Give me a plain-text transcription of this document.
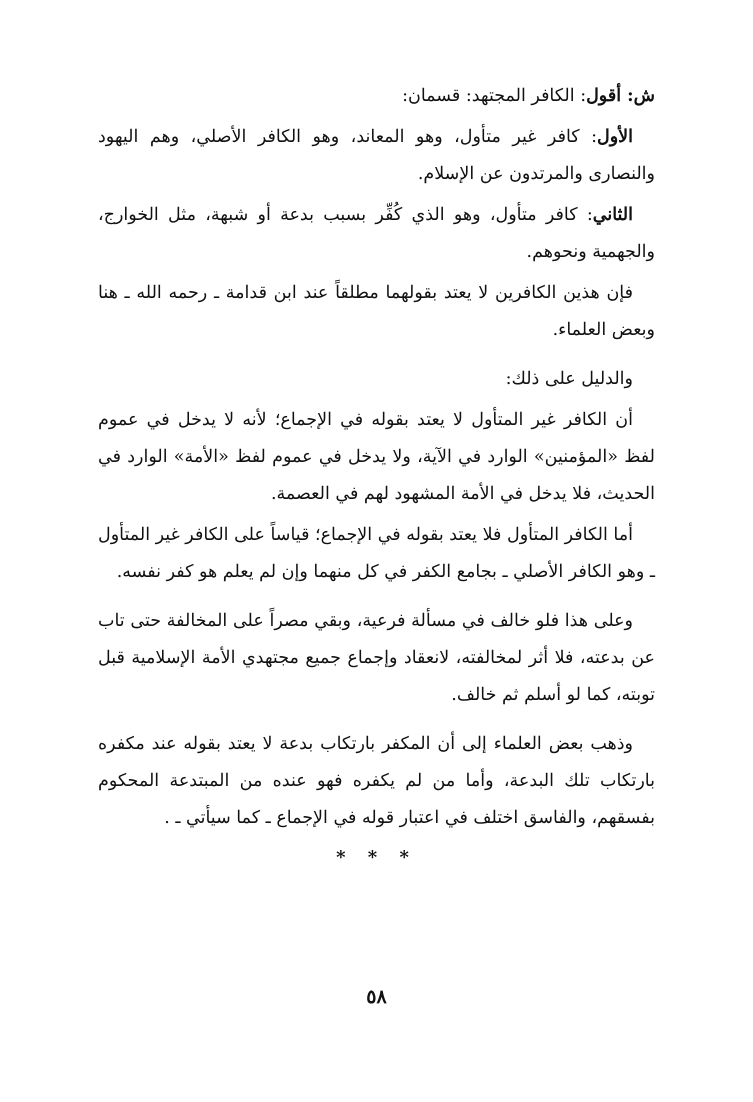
ش: أقول: الكافر المجتهد: قسمان:

الأول: كافر غير متأول، وهو المعاند، وهو الكافر الأصلي، وهم اليهود والنصارى والمرتدون عن الإسلام.

الثاني: كافر متأول، وهو الذي كُفِّر بسبب بدعة أو شبهة، مثل الخوارج، والجهمية ونحوهم.

فإن هذين الكافرين لا يعتد بقولهما مطلقاً عند ابن قدامة ـ رحمه الله ـ هنا وبعض العلماء.

والدليل على ذلك:

أن الكافر غير المتأول لا يعتد بقوله في الإجماع؛ لأنه لا يدخل في عموم لفظ «المؤمنين» الوارد في الآية، ولا يدخل في عموم لفظ «الأمة» الوارد في الحديث، فلا يدخل في الأمة المشهود لهم في العصمة.

أما الكافر المتأول فلا يعتد بقوله في الإجماع؛ قياساً على الكافر غير المتأول ـ وهو الكافر الأصلي ـ بجامع الكفر في كل منهما وإن لم يعلم هو كفر نفسه.

وعلى هذا فلو خالف في مسألة فرعية، وبقي مصراً على المخالفة حتى تاب عن بدعته، فلا أثر لمخالفته، لانعقاد وإجماع جميع مجتهدي الأمة الإسلامية قبل توبته، كما لو أسلم ثم خالف.

وذهب بعض العلماء إلى أن المكفر بارتكاب بدعة لا يعتد بقوله عند مكفره بارتكاب تلك البدعة، وأما من لم يكفره فهو عنده من المبتدعة المحكوم بفسقهم، والفاسق اختلف في اعتبار قوله في الإجماع ـ كما سيأتي ـ .

* * *
٥٨
